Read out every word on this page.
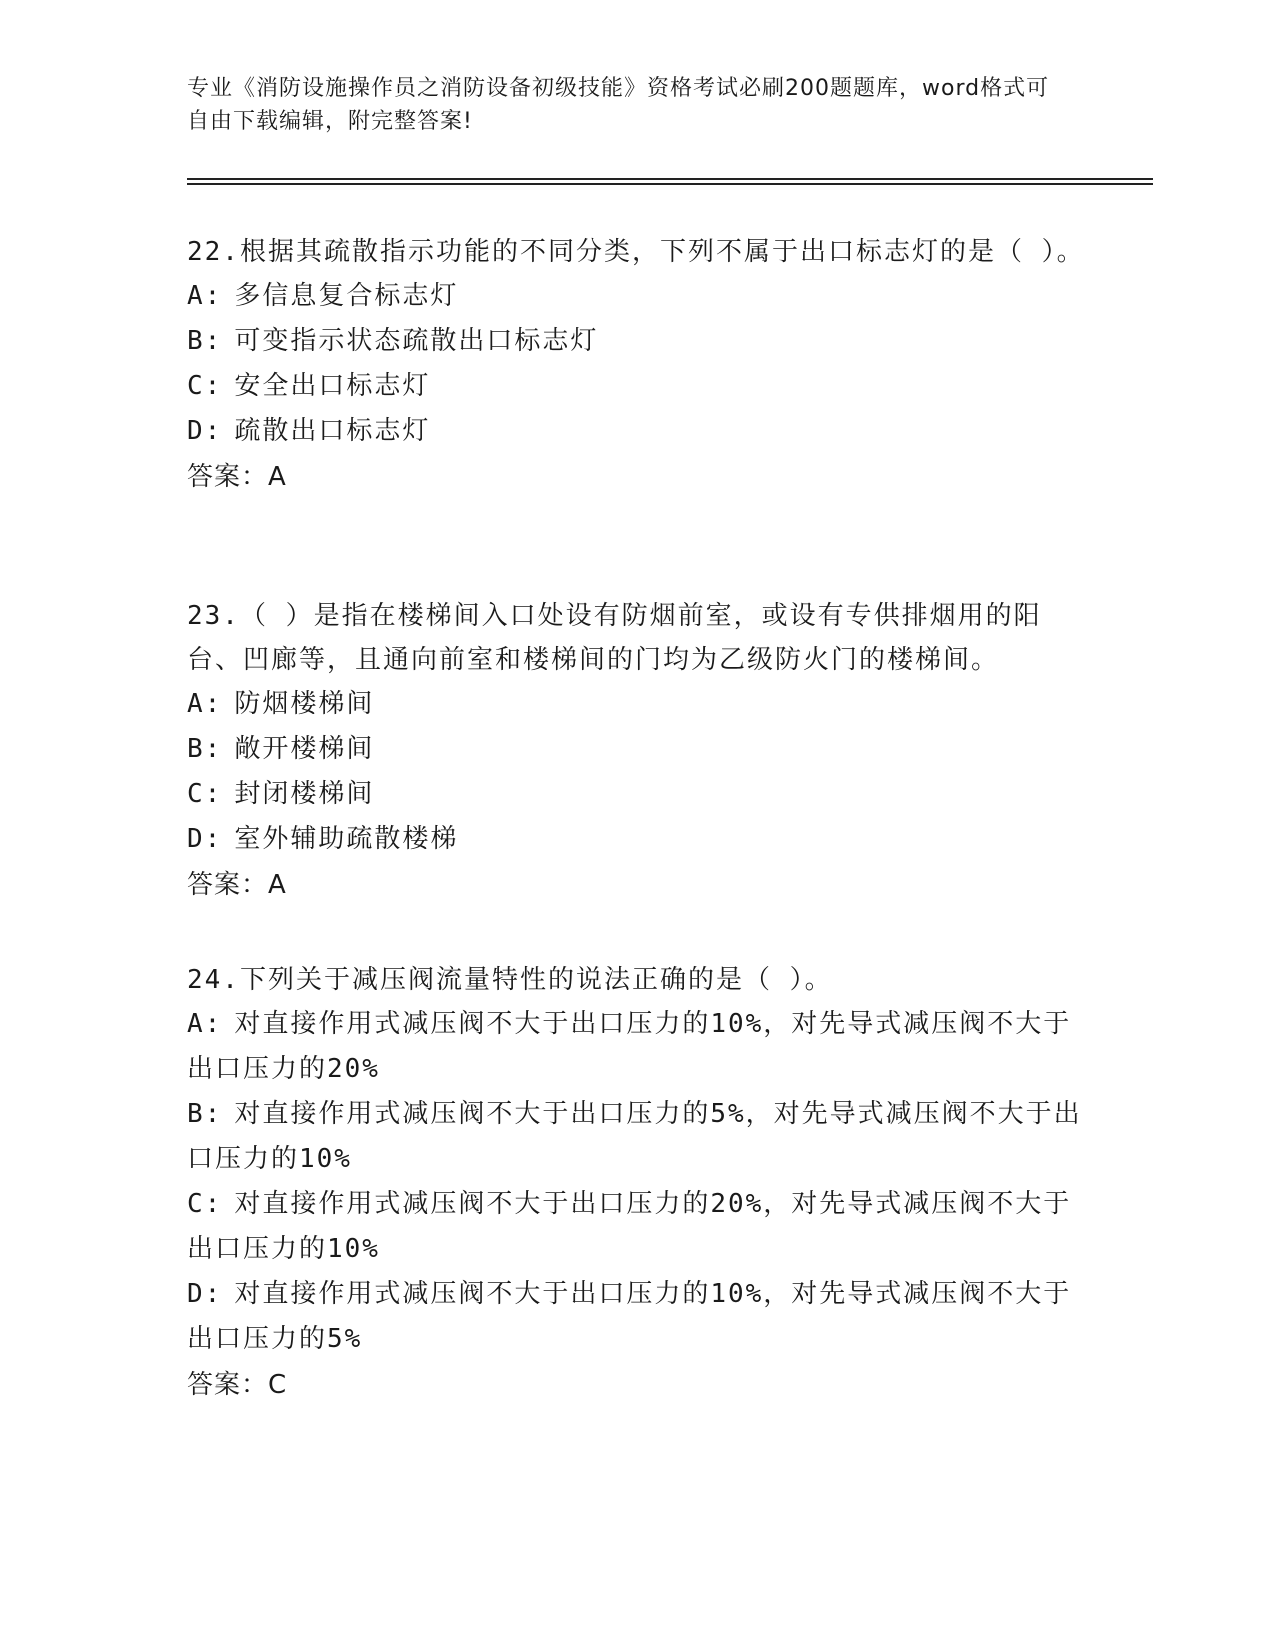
专业《消防设施操作员之消防设备初级技能》资格考试必刷200题题库，word格式可自由下载编辑，附完整答案!

22.根据其疏散指示功能的不同分类，下列不属于出口标志灯的是（ ）。

A: 多信息复合标志灯

B: 可变指示状态疏散出口标志灯

C: 安全出口标志灯

D: 疏散出口标志灯

答案：A

23.（ ）是指在楼梯间入口处设有防烟前室，或设有专供排烟用的阳台、凹廊等，且通向前室和楼梯间的门均为乙级防火门的楼梯间。

A: 防烟楼梯间

B: 敞开楼梯间

C: 封闭楼梯间

D: 室外辅助疏散楼梯

答案：A

24.下列关于减压阀流量特性的说法正确的是（ ）。

A: 对直接作用式减压阀不大于出口压力的10%，对先导式减压阀不大于出口压力的20%

B: 对直接作用式减压阀不大于出口压力的5%，对先导式减压阀不大于出口压力的10%

C: 对直接作用式减压阀不大于出口压力的20%，对先导式减压阀不大于出口压力的10%

D: 对直接作用式减压阀不大于出口压力的10%，对先导式减压阀不大于出口压力的5%

答案：C
